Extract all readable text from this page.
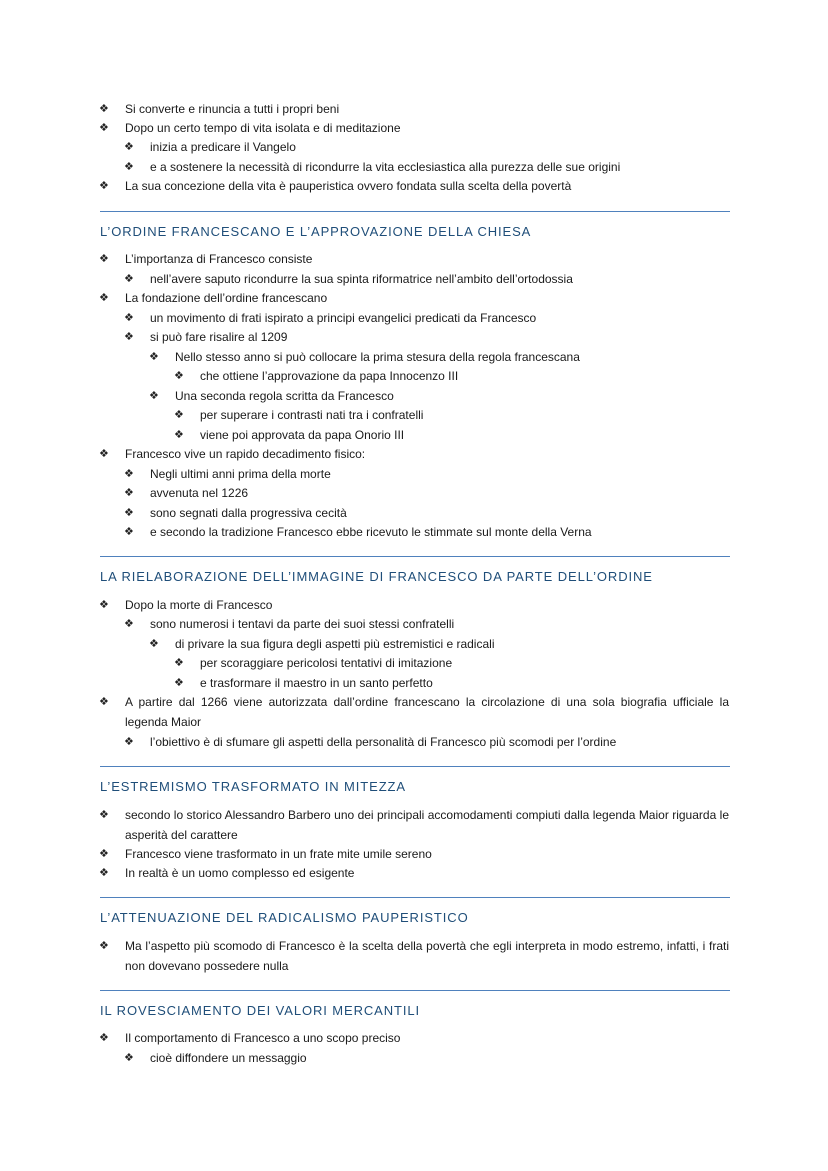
❖ Si converte e rinuncia a tutti i propri beni
❖ Dopo un certo tempo di vita isolata e di meditazione
❖ inizia a predicare il Vangelo
❖ e a sostenere la necessità di ricondurre la vita ecclesiastica alla purezza delle sue origini
❖ La sua concezione della vita è pauperistica ovvero fondata sulla scelta della povertà
L’ORDINE FRANCESCANO E L’APPROVAZIONE DELLA CHIESA
❖ L’importanza di Francesco consiste
❖ nell’avere saputo ricondurre la sua spinta riformatrice nell’ambito dell’ortodossia
❖ La fondazione dell’ordine francescano
❖ un movimento di frati ispirato a principi evangelici predicati da Francesco
❖ si può fare risalire al 1209
❖ Nello stesso anno si può collocare la prima stesura della regola francescana
❖ che ottiene l’approvazione da papa Innocenzo III
❖ Una seconda regola scritta da Francesco
❖ per superare i contrasti nati tra i confratelli
❖ viene poi approvata da papa Onorio III
❖ Francesco vive un rapido decadimento fisico:
❖ Negli ultimi anni prima della morte
❖ avvenuta nel 1226
❖ sono segnati dalla progressiva cecità
❖ e secondo la tradizione Francesco ebbe ricevuto le stimmate sul monte della Verna
LA RIELABORAZIONE DELL’IMMAGINE DI FRANCESCO DA PARTE DELL’ORDINE
❖ Dopo la morte di Francesco
❖ sono numerosi i tentavi da parte dei suoi stessi confratelli
❖ di privare la sua figura degli aspetti più estremistici e radicali
❖ per scoraggiare pericolosi tentativi di imitazione
❖ e trasformare il maestro in un santo perfetto
❖ A partire dal 1266 viene autorizzata dall’ordine francescano la circolazione di una sola biografia ufficiale la legenda Maior
❖ l’obiettivo è di sfumare gli aspetti della personalità di Francesco più scomodi per l’ordine
L’ESTREMISMO TRASFORMATO IN MITEZZA
❖ secondo lo storico Alessandro Barbero uno dei principali accomodamenti compiuti dalla legenda Maior riguarda le asperità del carattere
❖ Francesco viene trasformato in un frate mite umile sereno
❖ In realtà è un uomo complesso ed esigente
L’ATTENUAZIONE DEL RADICALISMO PAUPERISTICO
❖ Ma l’aspetto più scomodo di Francesco è la scelta della povertà che egli interpreta in modo estremo, infatti, i frati non dovevano possedere nulla
IL ROVESCIAMENTO DEI VALORI MERCANTILI
❖ Il comportamento di Francesco a uno scopo preciso
❖ cioè diffondere un messaggio
